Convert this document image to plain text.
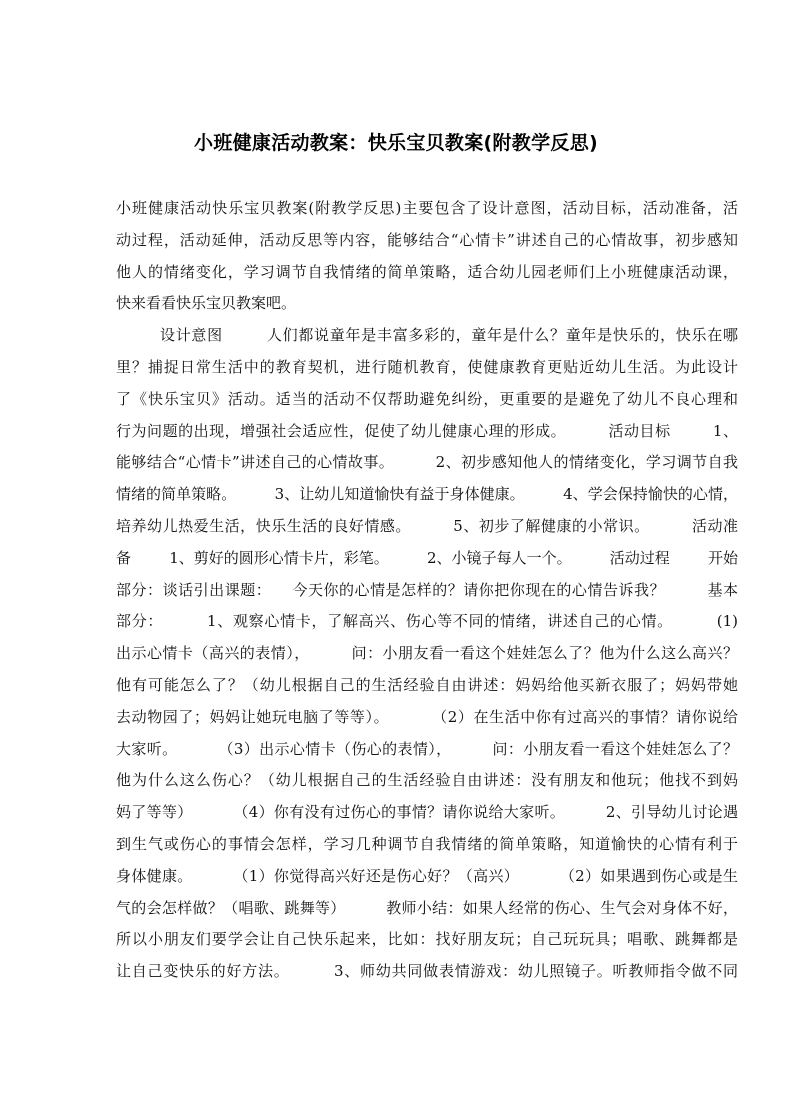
小班健康活动教案：快乐宝贝教案(附教学反思)
小班健康活动快乐宝贝教案(附教学反思)主要包含了设计意图，活动目标，活动准备，活
动过程，活动延伸，活动反思等内容，能够结合“心情卡”讲述自己的心情故事，初步感知
他人的情绪变化，学习调节自我情绪的简单策略，适合幼儿园老师们上小班健康活动课，
快来看看快乐宝贝教案吧。
设计意图        人们都说童年是丰富多彩的，童年是什么？童年是快乐的，快乐在哪
里？捕捉日常生活中的教育契机，进行随机教育，使健康教育更贴近幼儿生活。为此设计
了《快乐宝贝》活动。适当的活动不仅帮助避免纠纷，更重要的是避免了幼儿不良心理和
行为问题的出现，增强社会适应性，促使了幼儿健康心理的形成。        活动目标        1、
能够结合“心情卡”讲述自己的心情故事。        2、初步感知他人的情绪变化，学习调节自我
情绪的简单策略。        3、让幼儿知道愉快有益于身体健康。        4、学会保持愉快的心情，
培养幼儿热爱生活，快乐生活的良好情感。        5、初步了解健康的小常识。        活动准
备        1、剪好的圆形心情卡片，彩笔。        2、小镜子每人一个。        活动过程        开始
部分：谈话引出课题：    今天你的心情是怎样的？请你把你现在的心情告诉我？        基本
部分：        1、观察心情卡，了解高兴、伤心等不同的情绪，讲述自己的心情。        (1)
出示心情卡（高兴的表情），        问：小朋友看一看这个娃娃怎么了？他为什么这么高兴？
他有可能怎么了？（幼儿根据自己的生活经验自由讲述：妈妈给他买新衣服了；妈妈带她
去动物园了；妈妈让她玩电脑了等等）。        （2）在生活中你有过高兴的事情？请你说给
大家听。        （3）出示心情卡（伤心的表情），        问：小朋友看一看这个娃娃怎么了？
他为什么这么伤心？（幼儿根据自己的生活经验自由讲述：没有朋友和他玩；他找不到妈
妈了等等）        （4）你有没有过伤心的事情？请你说给大家听。        2、引导幼儿讨论遇
到生气或伤心的事情会怎样，学习几种调节自我情绪的简单策略，知道愉快的心情有利于
身体健康。        （1）你觉得高兴好还是伤心好？（高兴）        （2）如果遇到伤心或是生
气的会怎样做？（唱歌、跳舞等）        教师小结：如果人经常的伤心、生气会对身体不好，
所以小朋友们要学会让自己快乐起来，比如：找好朋友玩；自己玩玩具；唱歌、跳舞都是
让自己变快乐的好方法。        3、师幼共同做表情游戏：幼儿照镜子。听教师指令做不同
